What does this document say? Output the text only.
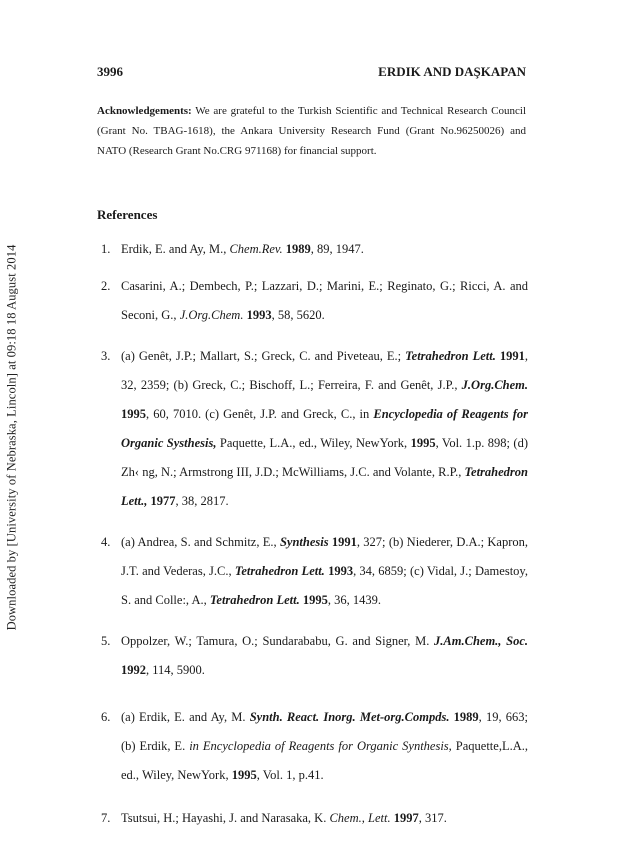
Downloaded by [University of Nebraska, Lincoln] at 09:18 18 August 2014
3996	ERDIK AND DAŞKAPAN
Acknowledgements: We are grateful to the Turkish Scientific and Technical Research Council (Grant No. TBAG-1618), the Ankara University Research Fund (Grant No.96250026) and NATO (Research Grant No.CRG 971168) for financial support.
References
1. Erdik, E. and Ay, M., Chem.Rev. 1989, 89, 1947.
2. Casarini, A.; Dembech, P.; Lazzari, D.; Marini, E.; Reginato, G.; Ricci, A. and Seconi, G., J.Org.Chem. 1993, 58, 5620.
3. (a) Genêt, J.P.; Mallart, S.; Greck, C. and Piveteau, E.; Tetrahedron Lett. 1991, 32, 2359; (b) Greck, C.; Bischoff, L.; Ferreira, F. and Genêt, J.P., J.Org.Chem. 1995, 60, 7010. (c) Genêt, J.P. and Greck, C., in Encyclopedia of Reagents for Organic Systhesis, Paquette, L.A., ed., Wiley, NewYork, 1995, Vol. 1.p. 898; (d) Zh‹ ng, N.; Armstrong III, J.D.; McWilliams, J.C. and Volante, R.P., Tetrahedron Lett., 1977, 38, 2817.
4. (a) Andrea, S. and Schmitz, E., Synthesis 1991, 327; (b) Niederer, D.A.; Kapron, J.T. and Vederas, J.C., Tetrahedron Lett. 1993, 34, 6859; (c) Vidal, J.; Damestoy, S. and Colle:, A., Tetrahedron Lett. 1995, 36, 1439.
5. Oppolzer, W.; Tamura, O.; Sundarababu, G. and Signer, M. J.Am.Chem., Soc. 1992, 114, 5900.
6. (a) Erdik, E. and Ay, M. Synth. React. Inorg. Met-org.Compds. 1989, 19, 663; (b) Erdik, E. in Encyclopedia of Reagents for Organic Synthesis, Paquette,L.A., ed., Wiley, NewYork, 1995, Vol. 1, p.41.
7. Tsutsui, H.; Hayashi, J. and Narasaka, K. Chem., Lett. 1997, 317.
